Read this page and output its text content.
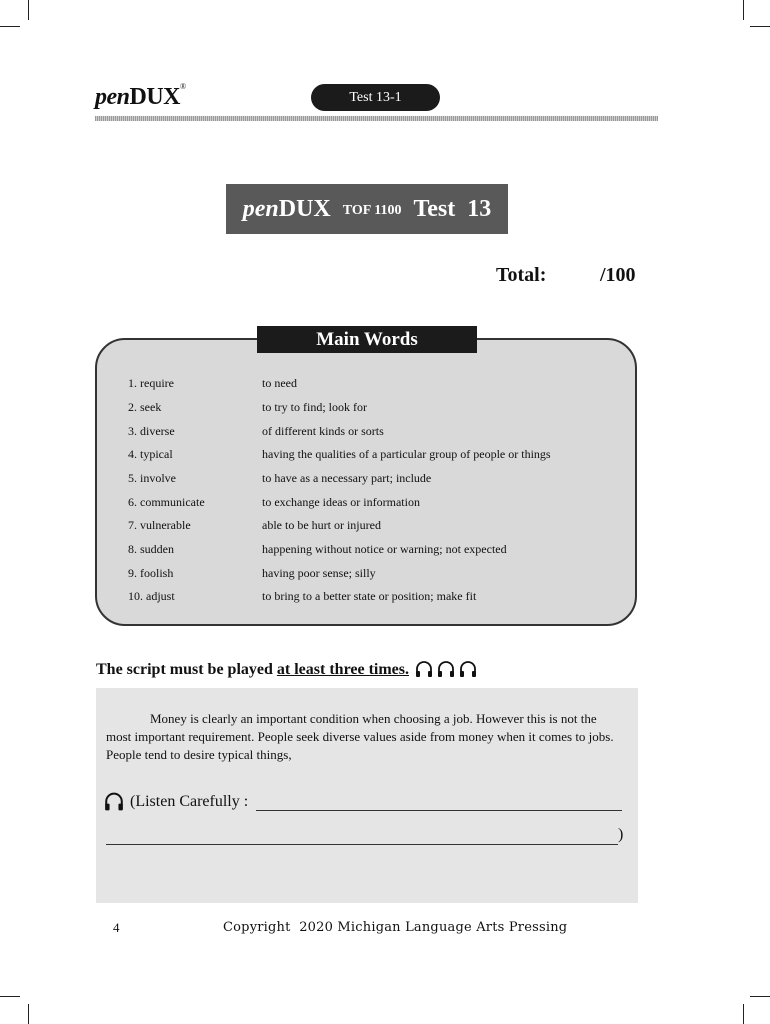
penDUX®
Test 13-1
penDUX TOF 1100 Test  13
Total:	/100
Main Words
1. require	to need
2. seek	to try to find; look for
3. diverse	of different kinds or sorts
4. typical	having the qualities of a particular group of people or things
5. involve	to have as a necessary part; include
6. communicate	to exchange ideas or information
7. vulnerable	able to be hurt or injured
8. sudden	happening without notice or warning; not expected
9. foolish	having poor sense; silly
10. adjust	to bring to a better state or position; make fit
The script must be played at least three times.

Money is clearly an important condition when choosing a job. However this is not the most important requirement. People seek diverse values aside from money when it comes to jobs. People tend to desire typical things,

(Listen Carefully :
)
4	Copyright  2020 Michigan Language Arts Pressing
